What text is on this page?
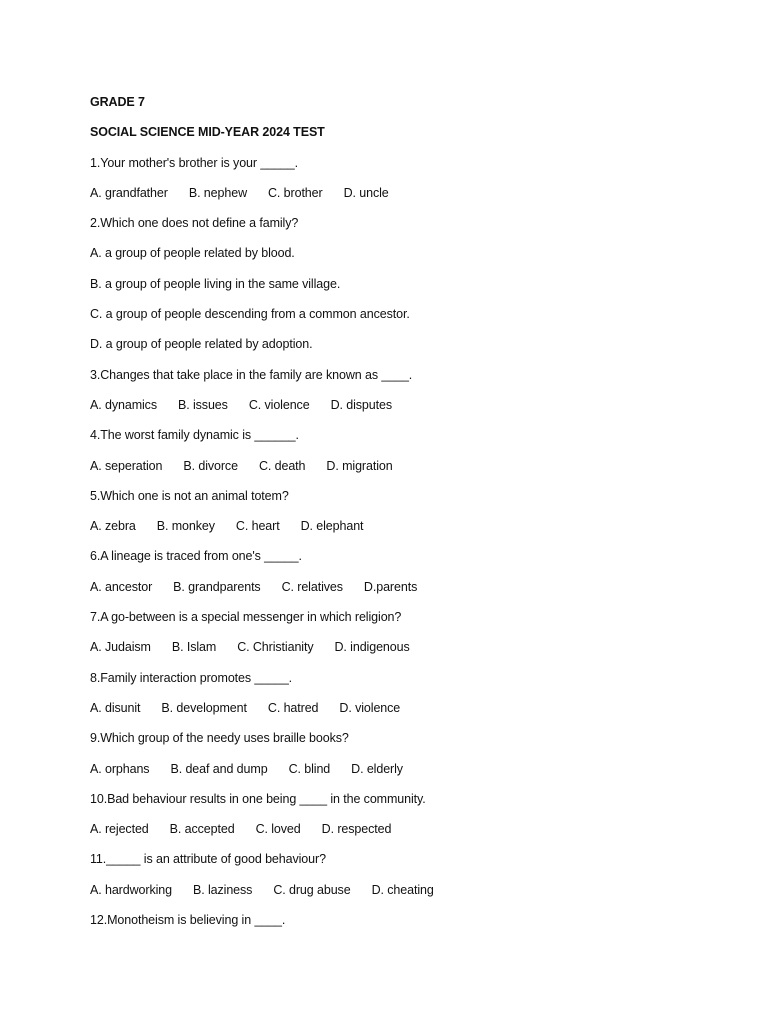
GRADE 7
SOCIAL SCIENCE MID-YEAR 2024 TEST
1.Your mother's brother is your _____.
A. grandfather B. nephew C. brother D. uncle
2.Which one does not define a family?
A. a group of people related by blood.
B. a group of people living in the same village.
C. a group of people descending from a common ancestor.
D. a group of people related by adoption.
3.Changes that take place in the family are known as ____.
A. dynamics B. issues C. violence D. disputes
4.The worst family dynamic is ______.
A. seperation B. divorce C. death D. migration
5.Which one is not an animal totem?
A. zebra B. monkey C. heart D. elephant
6.A lineage is traced from one's _____.
A. ancestor B. grandparents C. relatives D.parents
7.A go-between is a special messenger in which religion?
A. Judaism B. Islam C. Christianity D. indigenous
8.Family interaction promotes _____.
A. disunit B. development C. hatred D. violence
9.Which group of the needy uses braille books?
A. orphans B. deaf and dump C. blind D. elderly
10.Bad behaviour results in one being ____ in the community.
A. rejected B. accepted C. loved D. respected
11._____ is an attribute of good behaviour?
A. hardworking B. laziness C. drug abuse D. cheating
12.Monotheism is believing in ____.
